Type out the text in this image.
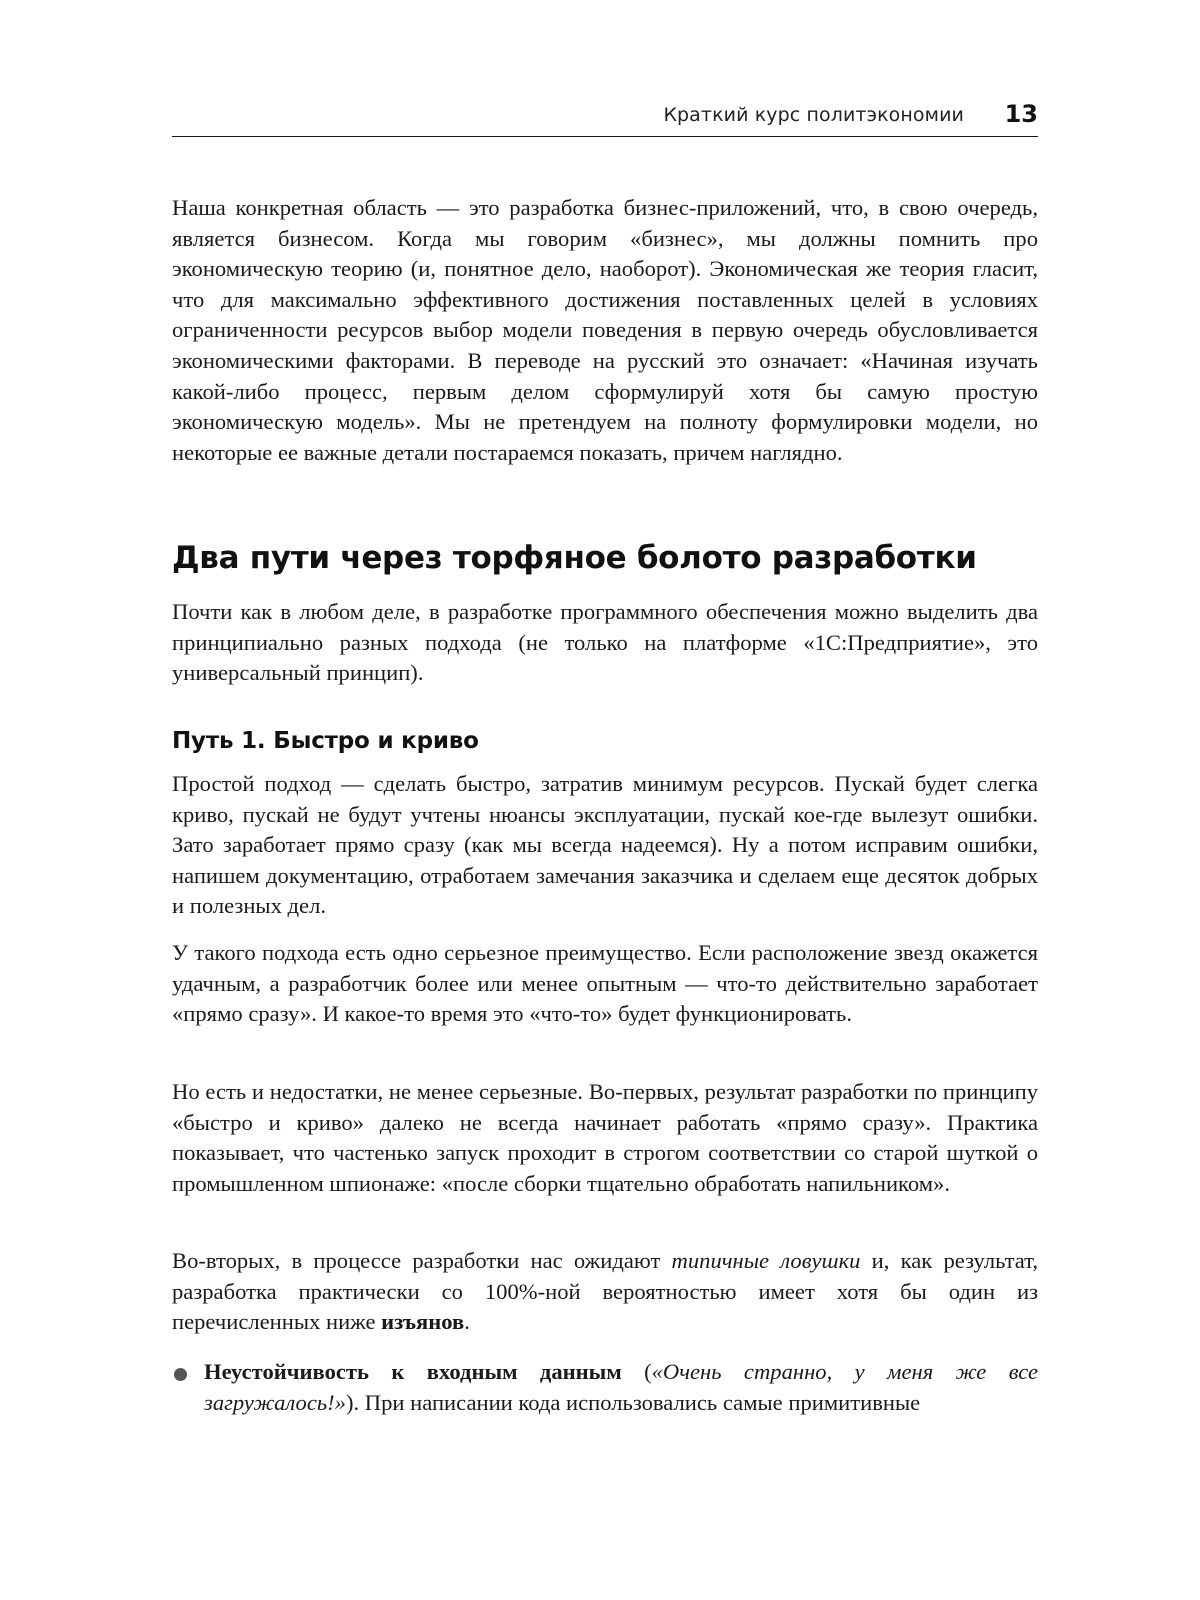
Краткий курс политэкономии 13

Наша конкретная область — это разработка бизнес-приложений, что, в свою очередь, является бизнесом. Когда мы говорим «бизнес», мы должны помнить про экономическую теорию (и, понятное дело, наоборот). Экономическая же теория гласит, что для максимально эффективного достижения поставленных целей в условиях ограниченности ресурсов выбор модели поведения в первую очередь обусловливается экономическими факторами. В переводе на русский это означает: «Начиная изучать какой-либо процесс, первым делом сформулируй хотя бы самую простую экономическую модель». Мы не претендуем на полноту формулировки модели, но некоторые ее важные детали постараемся показать, причем наглядно.

Два пути через торфяное болото разработки

Почти как в любом деле, в разработке программного обеспечения можно выделить два принципиально разных подхода (не только на платформе «1С:Предприятие», это универсальный принцип).

Путь 1. Быстро и криво

Простой подход — сделать быстро, затратив минимум ресурсов. Пускай будет слегка криво, пускай не будут учтены нюансы эксплуатации, пускай кое-где вылезут ошибки. Зато заработает прямо сразу (как мы всегда надеемся). Ну а потом исправим ошибки, напишем документацию, отработаем замечания заказчика и сделаем еще десяток добрых и полезных дел.

У такого подхода есть одно серьезное преимущество. Если расположение звезд окажется удачным, а разработчик более или менее опытным — что-то действительно заработает «прямо сразу». И какое-то время это «что-то» будет функционировать.

Но есть и недостатки, не менее серьезные. Во-первых, результат разработки по принципу «быстро и криво» далеко не всегда начинает работать «прямо сразу». Практика показывает, что частенько запуск проходит в строгом соответствии со старой шуткой о промышленном шпионаже: «после сборки тщательно обработать напильником».

Во-вторых, в процессе разработки нас ожидают типичные ловушки и, как результат, разработка практически со 100%-ной вероятностью имеет хотя бы один из перечисленных ниже изъянов.

Неустойчивость к входным данным («Очень странно, у меня же все загружалось!»). При написании кода использовались самые примитивные
